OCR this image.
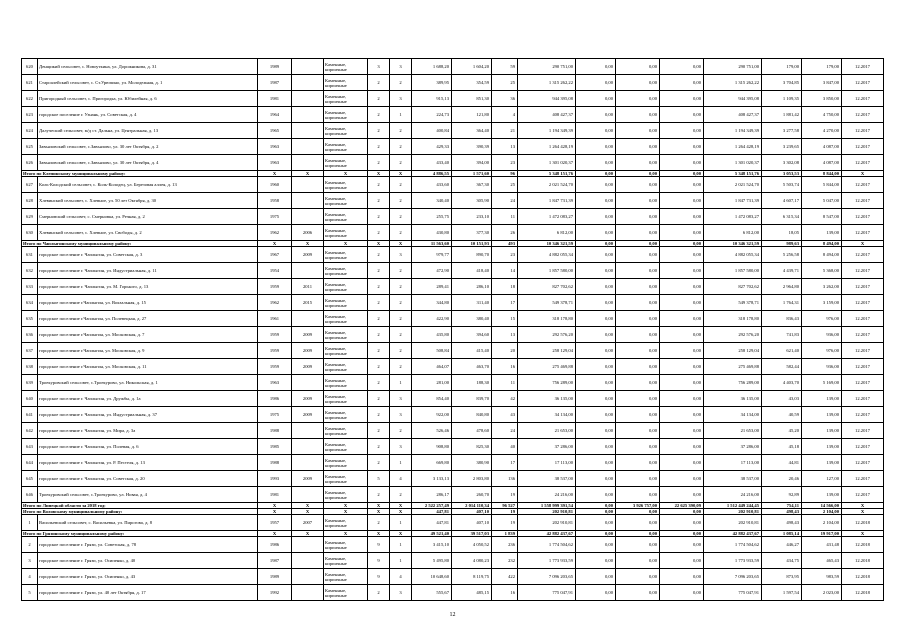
620	Денщикий сельсовет, с. Новоуткина, ул. Дорожникова, д. 31	1989		Каменные, кирпичные	3	3	1 688,20	1 604,20	59	290 751,00	0,00	0,00	0,00	290 751,00	179,00	179,00	12.2017
621	Староалейский сельсовет, с. Ст.Урюпино, ул. Молодежная, д. 1	1987		Каменные, кирпичные	2	2	389,95	354,59	25	1 315 262,22	0,00	0,00	0,00	1 315 262,22	3 704,85	3 847,00	12.2017
622	Пригородный сельсовет, с. Пригородка, ул. Юбилейная, д. 6	1981		Каменные, кирпичные	2	3	915,13	851,30	36	944 395,08	0,00	0,00	0,00	944 395,08	1 109,35	3 850,00	12.2017
623	городское поселение г. Узнань, ул. Советская, д. 4	1964		Каменные, кирпичные	2	1	224,73	121,80	4	408 427,37	0,00	0,00	0,00	408 427,37	1 881,42	4 750,00	12.2017
624	Далуческий сельсовет, м/д ст. Дальна, ул. Центральная, д. 13	1965		Каменные, кирпичные	2	2	400,84	364,40	21	1 194 349,39	0,00	0,00	0,00	1 194 349,39	3 277,58	4 270,00	12.2017
625	Завьяловский сельсовет, с.Завьялово, ул. 30 лет Октября, д. 2	1963		Каменные, кирпичные	2	2	429,33	390,39	13	1 264 428,19	0,00	0,00	0,00	1 264 428,19	3 239,65	4 087,00	12.2017
626	Завьяловский сельсовет, с.Завьялово, ул. 30 лет Октября, д. 4	1963		Каменные, кирпичные	2	2	433,40	394,00	23	1 301 020,37	0,00	0,00	0,00	1 301 020,37	3 302,08	4 087,00	12.2017
Итого по Клепинскому муниципальному району:		X	X	X	X	X	4 886,55	1 571,60	96	5 348 151,76	0,00	0,00	0,00	5 348 151,76	3 053,53	8 844,00	X
627	Коль-Колодский сельсовет, с. Коль-Колодец, ул. Березовая аллея, д. 13	1960		Каменные, кирпичные	2	2	433,60	367,30	25	2 021 524,70	0,00	0,00	0,00	2 021 524,70	5 503,74	5 844,00	12.2017
628	Хлевинский сельсовет, с. Хлевное, ул. 50 лет Октября, д. 30	1958		Каменные, кирпичные	2	2	340,40	305,90	24	1 847 731,39	0,00	0,00	0,00	1 847 731,39	4 607,17	5 047,00	12.2017
629	Смерновский сельсовет, с. Смерновка, ул. Речная, д. 2	1975		Каменные, кирпичные	2	2	255,75	233,10	11	1 472 083,27	0,00	0,00	0,00	1 472 083,27	6 315,34	8 547,00	12.2017
630	Хлевинский сельсовет, с. Хлевное, ул. Свободы, д. 2	1962	2006	Каменные, кирпичные	2	2	430,80	377,30	26	6 812,00	0,00	0,00	0,00	6 812,00	18,05	139,00	12.2017
Итого по Чаплыгинскому муниципальному району:		X	X	X	X	X	11 563,60	10 151,93	493	10 346 321,59	0,00	0,00	0,00	10 346 321,59	989,63	8 494,00	X
631	городское поселение г. Чаплыгин, ул. Советская, д. 3	1967	2009	Каменные, кирпичные	2	3	979,77	890,70	23	4 882 055,34	0,00	0,00	0,00	4 882 055,34	5 256,58	8 494,00	12.2017
632	городское поселение г. Чаплыгин, ул. Индустриальная, д. 11	1954		Каменные, кирпичные	2	2	472,90	418,40	14	1 857 580,00	0,00	0,00	0,00	1 857 580,00	4 439,71	5 368,00	12.2017
633	городское поселение г. Чаплыгин, ул. М. Горького, д. 13	1959	2011	Каменные, кирпичные	2	2	289,41	286,10	18	827 702,62	0,00	0,00	0,00	827 702,62	2 964,80	3 262,00	12.2017
634	городское поселение г.Чаплыгин, ул. Вокзальная, д. 15	1962	2015	Каменные, кирпичные	2	2	344,80	311,40	17	549 378,71	0,00	0,00	0,00	549 378,71	1 764,31	3 159,00	12.2017
635	городское поселение г.Чаплыгин, ул. Полевецкая, д. 27	1961		Каменные, кирпичные	2	2	422,90	380,40	15	318 178,80	0,00	0,00	0,00	318 178,80	836,43	976,00	12.2017
636	городское поселение г.Чаплыгин, ул. Московская, д. 7	1959	2009	Каменные, кирпичные	2	2	435,80	394,60	13	292 576,20	0,00	0,00	0,00	292 576,20	741,83	936,00	12.2017
637	городское поселение г.Чаплыгин, ул. Московская, д. 9	1959	2009	Каменные, кирпичные	2	2	508,84	415,40	20	258 129,04	0,00	0,00	0,00	258 129,04	621,40	976,00	12.2017
638	городское поселение г.Чаплыгин, ул. Московская, д. 11	1959	2009	Каменные, кирпичные	2	2	464,07	463,70	16	275 469,88	0,00	0,00	0,00	275 469,88	582,44	936,00	12.2017
639	Троекуровский сельсовет, с.Троекурово, ул. Никольская, д. 1	1963		Каменные, кирпичные	2	1	281,00	188,30	11	756 289,00	0,00	0,00	0,00	756 289,00	4 403,70	5 169,00	12.2017
640	городское поселение г. Чаплыгин, ул. Дружбы, д. 1а	1986	2009	Каменные, кирпичные	2	3	854,40	839,70	42	36 135,00	0,00	0,00	0,00	36 135,00	43,03	139,00	12.2017
641	городское поселение г. Чаплыгин, ул. Индустриальная, д. 37	1975	2009	Каменные, кирпичные	2	3	922,00	840,80	43	34 134,00	0,00	0,00	0,00	34 134,00	40,59	139,00	12.2017
642	городское поселение г. Чаплыгин, ул. Мира, д. 3а	1988		Каменные, кирпичные	2	2	526,46	478,60	24	21 653,00	0,00	0,00	0,00	21 653,00	45,20	139,00	12.2017
643	городское поселение г. Чаплыгин, ул. Полевая, д. 6	1985		Каменные, кирпичные	2	3	908,80	825,30	40	37 286,00	0,00	0,00	0,00	37 286,00	45,18	139,00	12.2017
644	городское поселение г. Чаплыгин, ул. Р. Пестеля, д. 13	1988		Каменные, кирпичные	2	1	669,80	380,90	17	17 113,00	0,00	0,00	0,00	17 113,00	44,81	139,00	12.2017
645	городское поселение г. Чаплыгин, ул. Советская, д. 20	1993	2009	Каменные, кирпичные	5	4	3 133,13	2 803,80	136	38 537,00	0,00	0,00	0,00	38 537,00	20,46	127,00	12.2017
646	Троекуровский сельсовет, с.Троекурово, ул. Новая, д. 4	1981		Каменные, кирпичные	2	2	286,17	260,70	19	24 216,00	0,00	0,00	0,00	24 216,00	92,89	139,00	12.2017
Итого по Липецкой области за 2018 год:		X	X	X	X	X	2 522 257,49	2 014 110,34	96 527	1 558 999 391,54	0,00	3 926 757,00	22 625 390,09	1 512 449 244,45	754,11	14 566,00	X
Итого по Воловскому муниципальному району:		X	X	X	X	X	447,81	407,10	19	202 910,81	0,00	0,00	0,00	202 910,81	498,43	2 104,00	X
1	Васильевский сельсовет, с. Васильевка, ул. Пирогова, д. 8	1957	2007	Каменные, кирпичные	2	1	447,81	407,10	19	202 910,81	0,00	0,00	0,00	202 910,81	498,43	2 104,00	12.2018
Итого по Грязинскому муниципальному району:		X	X	X	X	X	49 521,40	39 517,03	1 839	42 882 437,67	0,00	0,00	0,00	42 882 437,67	1 085,14	19 917,00	X
2	городское поселение г. Грязи, ул. Советская, д. 78	1986		Каменные, кирпичные	9	1	3 415,10	4 050,52	236	1 774 504,62	0,00	0,00	0,00	1 774 504,62	446,27	431,48	12.2018
3	городское поселение г. Грязи, ул. Осипенко, д. 40	1987		Каменные, кирпичные	9	1	5 495,80	4 080,23	232	1 773 933,59	0,00	0,00	0,00	1 773 933,59	434,75	465,43	12.2018
4	городское поселение г. Грязи, ул. Осипенко, д. 43	1989		Каменные, кирпичные	9	4	10 648,60	8 119,75	422	7 096 203,65	0,00	0,00	0,00	7 096 203,65	873,95	983,59	12.2018
5	городское поселение г. Грязи, ул. 40 лет Октября, д. 17	1992		Каменные, кирпичные	2	3	555,67	485,15	16	775 047,91	0,00	0,00	0,00	775 047,91	1 597,54	2 023,00	12.2018
12
